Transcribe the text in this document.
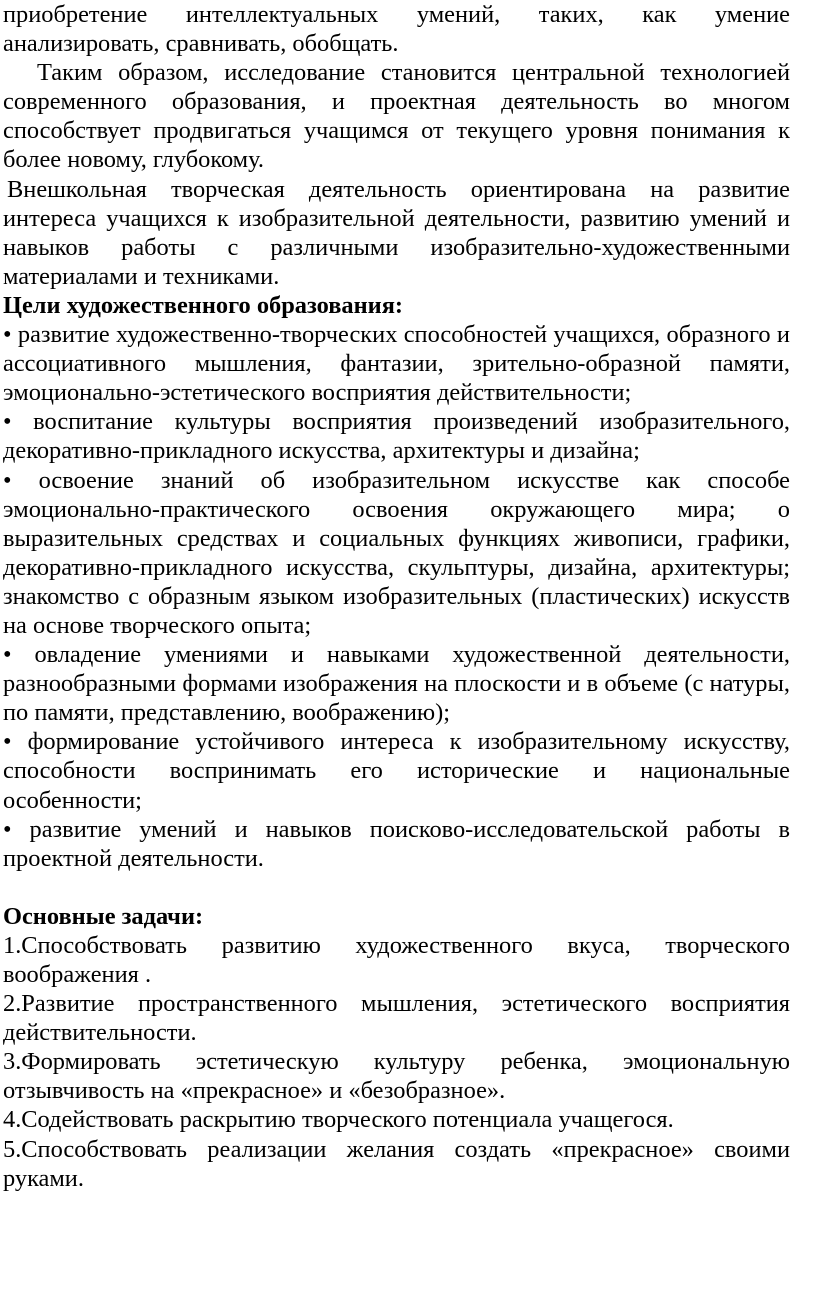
приобретение интеллектуальных умений, таких, как умение анализировать, сравнивать, обобщать.

Таким образом, исследование становится центральной технологией современного образования, и проектная деятельность во многом способствует продвигаться учащимся от текущего уровня понимания к более новому, глубокому.

Внешкольная творческая деятельность ориентирована на развитие интереса учащихся к изобразительной деятельности, развитию умений и навыков работы с различными изобразительно-художественными материалами и техниками.

Цели художественного образования:

• развитие художественно-творческих способностей учащихся, образного и ассоциативного мышления, фантазии, зрительно-образной памяти, эмоционально-эстетического восприятия действительности;

• воспитание культуры восприятия произведений изобразительного, декоративно-прикладного искусства, архитектуры и дизайна;

• освоение знаний об изобразительном искусстве как способе эмоционально-практического освоения окружающего мира; о выразительных средствах и социальных функциях живописи, графики, декоративно-прикладного искусства, скульптуры, дизайна, архитектуры; знакомство с образным языком изобразительных (пластических) искусств на основе творческого опыта;

• овладение умениями и навыками художественной деятельности, разнообразными формами изображения на плоскости и в объеме (с натуры, по памяти, представлению, воображению);

• формирование устойчивого интереса к изобразительному искусству, способности воспринимать его исторические и национальные особенности;

• развитие умений и навыков поисково-исследовательской работы в проектной деятельности.

Основные задачи:

1.Способствовать развитию художественного вкуса, творческого воображения .

2.Развитие пространственного мышления, эстетического восприятия действительности.

3.Формировать эстетическую культуру ребенка, эмоциональную отзывчивость на «прекрасное» и «безобразное».

4.Содействовать раскрытию творческого потенциала учащегося.

5.Способствовать реализации желания создать «прекрасное» своими руками.
